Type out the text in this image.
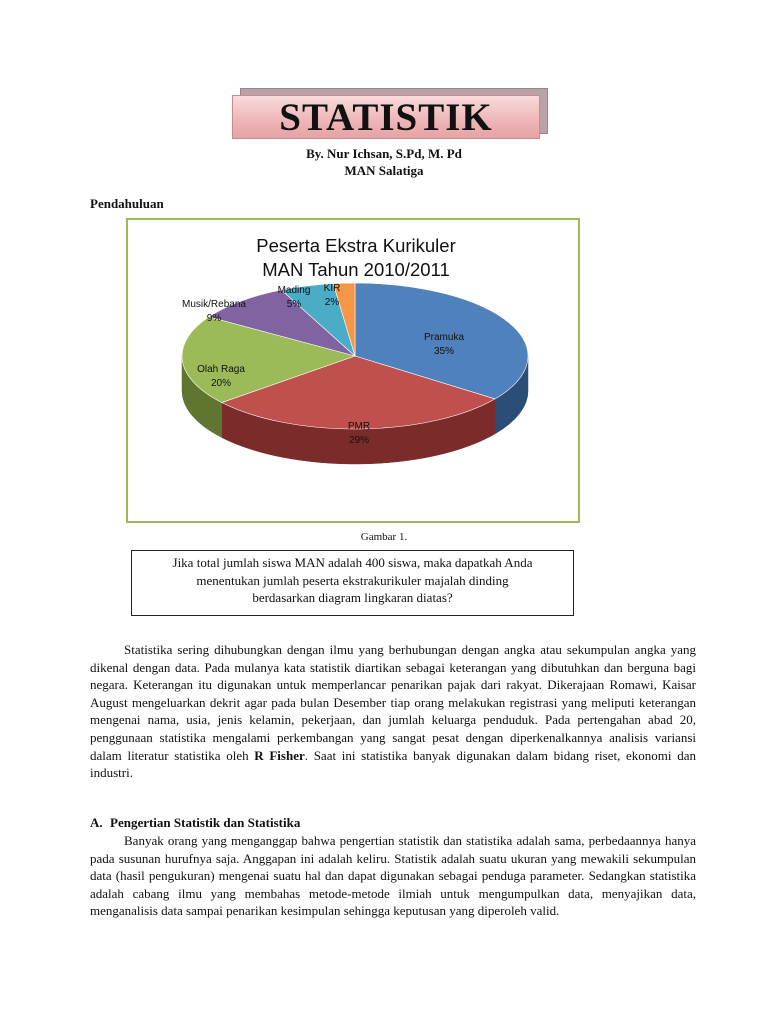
STATISTIK
By. Nur Ichsan, S.Pd, M. Pd
MAN Salatiga
Pendahuluan
Peserta Ekstra Kurikuler
MAN Tahun 2010/2011
Pramuka
35%
PMR
29%
Olah Raga
20%
Musik/Rebana
9%
Mading
5%
KIR
2%
Gambar 1.
Jika total jumlah siswa MAN adalah 400 siswa, maka dapatkah Anda
menentukan jumlah peserta ekstrakurikuler majalah dinding
berdasarkan diagram lingkaran diatas?
Statistika sering dihubungkan dengan ilmu yang berhubungan dengan angka atau sekumpulan angka yang dikenal dengan data. Pada mulanya kata statistik diartikan sebagai keterangan yang dibutuhkan dan berguna bagi negara. Keterangan itu digunakan untuk memperlancar penarikan pajak dari rakyat. Dikerajaan Romawi, Kaisar August mengeluarkan dekrit agar pada bulan Desember tiap orang melakukan registrasi yang meliputi keterangan mengenai nama, usia, jenis kelamin, pekerjaan, dan jumlah keluarga penduduk. Pada pertengahan abad 20, penggunaan statistika mengalami perkembangan yang sangat pesat dengan diperkenalkannya analisis variansi dalam literatur statistika oleh R Fisher. Saat ini statistika banyak digunakan dalam bidang riset, ekonomi dan industri.
A. Pengertian Statistik dan Statistika
Banyak orang yang menganggap bahwa pengertian statistik dan statistika adalah sama, perbedaannya hanya pada susunan hurufnya saja. Anggapan ini adalah keliru. Statistik adalah suatu ukuran yang mewakili sekumpulan data (hasil pengukuran) mengenai suatu hal dan dapat digunakan sebagai penduga parameter. Sedangkan statistika adalah cabang ilmu yang membahas metode-metode ilmiah untuk mengumpulkan data, menyajikan data, menganalisis data sampai penarikan kesimpulan sehingga keputusan yang diperoleh valid.
